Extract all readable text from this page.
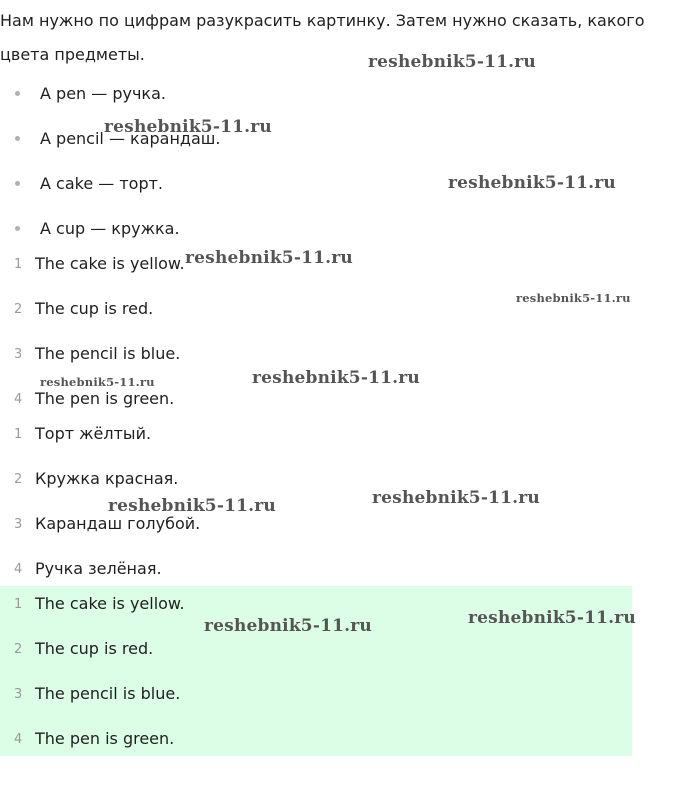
Нам нужно по цифрам разукрасить картинку. Затем нужно сказать, какого цвета предметы.

A pen — ручка.
A pencil — карандаш.
A cake — торт.
A cup — кружка.
1 The cake is yellow.
2 The cup is red.
3 The pencil is blue.
4 The pen is green.
1 Торт жёлтый.
2 Кружка красная.
3 Карандаш голубой.
4 Ручка зелёная.
1 The cake is yellow.
2 The cup is red.
3 The pencil is blue.
4 The pen is green.
reshebnik5-11.ru
reshebnik5-11.ru
reshebnik5-11.ru
reshebnik5-11.ru
reshebnik5-11.ru
reshebnik5-11.ru
reshebnik5-11.ru
reshebnik5-11.ru
reshebnik5-11.ru
reshebnik5-11.ru
reshebnik5-11.ru
